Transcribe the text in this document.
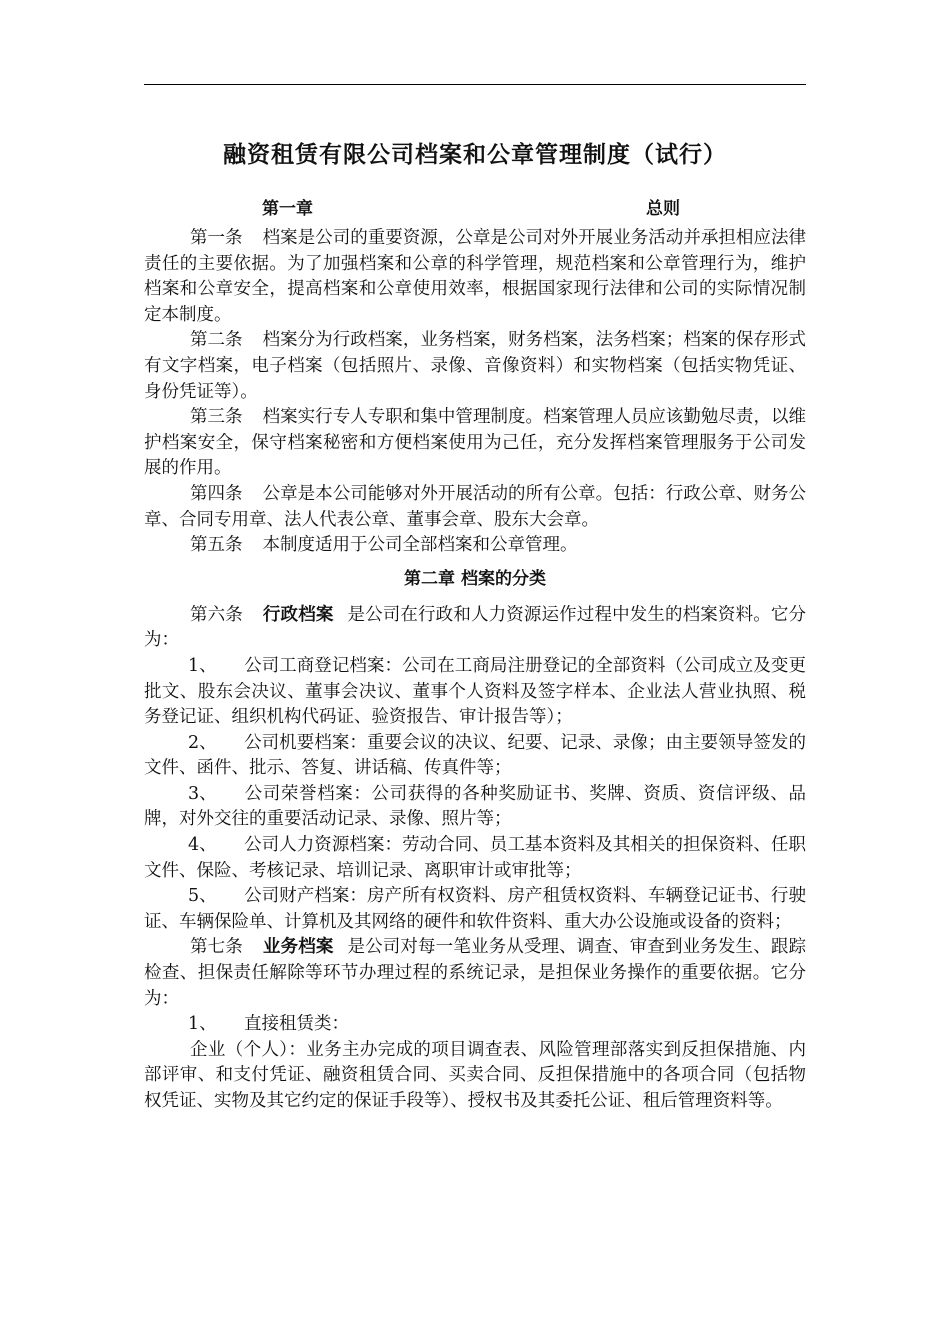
融资租赁有限公司档案和公章管理制度（试行）
第一章	总则

第一条 档案是公司的重要资源，公章是公司对外开展业务活动并承担相应法律责任的主要依据。为了加强档案和公章的科学管理，规范档案和公章管理行为，维护档案和公章安全，提高档案和公章使用效率，根据国家现行法律和公司的实际情况制定本制度。

第二条 档案分为行政档案，业务档案，财务档案，法务档案；档案的保存形式有文字档案，电子档案（包括照片、录像、音像资料）和实物档案（包括实物凭证、身份凭证等）。

第三条 档案实行专人专职和集中管理制度。档案管理人员应该勤勉尽责，以维护档案安全，保守档案秘密和方便档案使用为己任，充分发挥档案管理服务于公司发展的作用。

第四条 公章是本公司能够对外开展活动的所有公章。包括：行政公章、财务公章、合同专用章、法人代表公章、董事会章、股东大会章。

第五条 本制度适用于公司全部档案和公章管理。

第二章 档案的分类

第六条 行政档案 是公司在行政和人力资源运作过程中发生的档案资料。它分为：

1、 公司工商登记档案：公司在工商局注册登记的全部资料（公司成立及变更批文、股东会决议、董事会决议、董事个人资料及签字样本、企业法人营业执照、税务登记证、组织机构代码证、验资报告、审计报告等）；

2、 公司机要档案：重要会议的决议、纪要、记录、录像；由主要领导签发的文件、函件、批示、答复、讲话稿、传真件等；

3、 公司荣誉档案：公司获得的各种奖励证书、奖牌、资质、资信评级、品牌，对外交往的重要活动记录、录像、照片等；

4、 公司人力资源档案：劳动合同、员工基本资料及其相关的担保资料、任职文件、保险、考核记录、培训记录、离职审计或审批等；

5、 公司财产档案：房产所有权资料、房产租赁权资料、车辆登记证书、行驶证、车辆保险单、计算机及其网络的硬件和软件资料、重大办公设施或设备的资料；

第七条 业务档案 是公司对每一笔业务从受理、调查、审查到业务发生、跟踪检查、担保责任解除等环节办理过程的系统记录，是担保业务操作的重要依据。它分为：

1、 直接租赁类：

企业（个人）：业务主办完成的项目调查表、风险管理部落实到反担保措施、内部评审、和支付凭证、融资租赁合同、买卖合同、反担保措施中的各项合同（包括物权凭证、实物及其它约定的保证手段等）、授权书及其委托公证、租后管理资料等。
